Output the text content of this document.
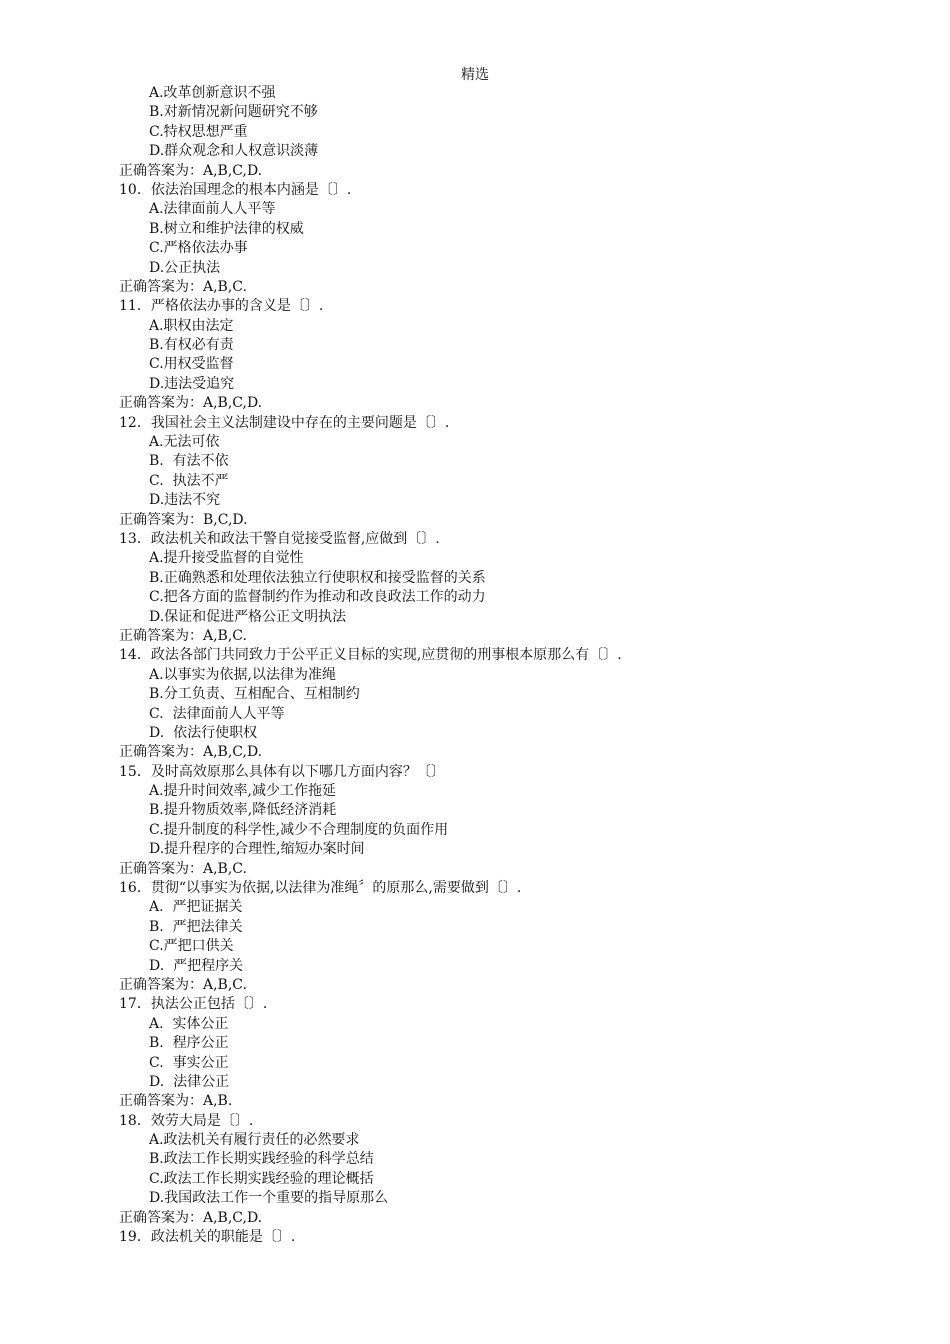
精选
A.改革创新意识不强
B.对新情况新问题研究不够
C.特权思想严重
D.群众观念和人权意识淡薄
正确答案为：A,B,C,D.
10．依法治国理念的根本内涵是〔〕.
A.法律面前人人平等
B.树立和维护法律的权威
C.严格依法办事
D.公正执法
正确答案为：A,B,C.
11．严格依法办事的含义是〔〕.
A.职权由法定
B.有权必有责
C.用权受监督
D.违法受追究
正确答案为：A,B,C,D.
12．我国社会主义法制建设中存在的主要问题是〔〕.
A.无法可依
B.  有法不依
C.  执法不严
D.违法不究
正确答案为：B,C,D.
13．政法机关和政法干警自觉接受监督,应做到〔〕.
A.提升接受监督的自觉性
B.正确熟悉和处理依法独立行使职权和接受监督的关系
C.把各方面的监督制约作为推动和改良政法工作的动力
D.保证和促进严格公正文明执法
正确答案为：A,B,C.
14．政法各部门共同致力于公平正义目标的实现,应贯彻的刑事根本原那么有〔〕.
A.以事实为依据,以法律为准绳
B.分工负责、互相配合、互相制约
C.  法律面前人人平等
D.  依法行使职权
正确答案为：A,B,C,D.
15．及时高效原那么具体有以下哪几方面内容？〔〕
A.提升时间效率,减少工作拖延
B.提升物质效率,降低经济消耗
C.提升制度的科学性,减少不合理制度的负面作用
D.提升程序的合理性,缩短办案时间
正确答案为：A,B,C.
16．贯彻“以事实为依据,以法律为准绳〞的原那么,需要做到〔〕.
A.  严把证据关
B.  严把法律关
C.严把口供关
D.  严把程序关
正确答案为：A,B,C.
17．执法公正包括〔〕.
A.  实体公正
B.  程序公正
C.  事实公正
D.  法律公正
正确答案为：A,B.
18．效劳大局是〔〕.
A.政法机关有履行责任的必然要求
B.政法工作长期实践经验的科学总结
C.政法工作长期实践经验的理论概括
D.我国政法工作一个重要的指导原那么
正确答案为：A,B,C,D.
19．政法机关的职能是〔〕.
